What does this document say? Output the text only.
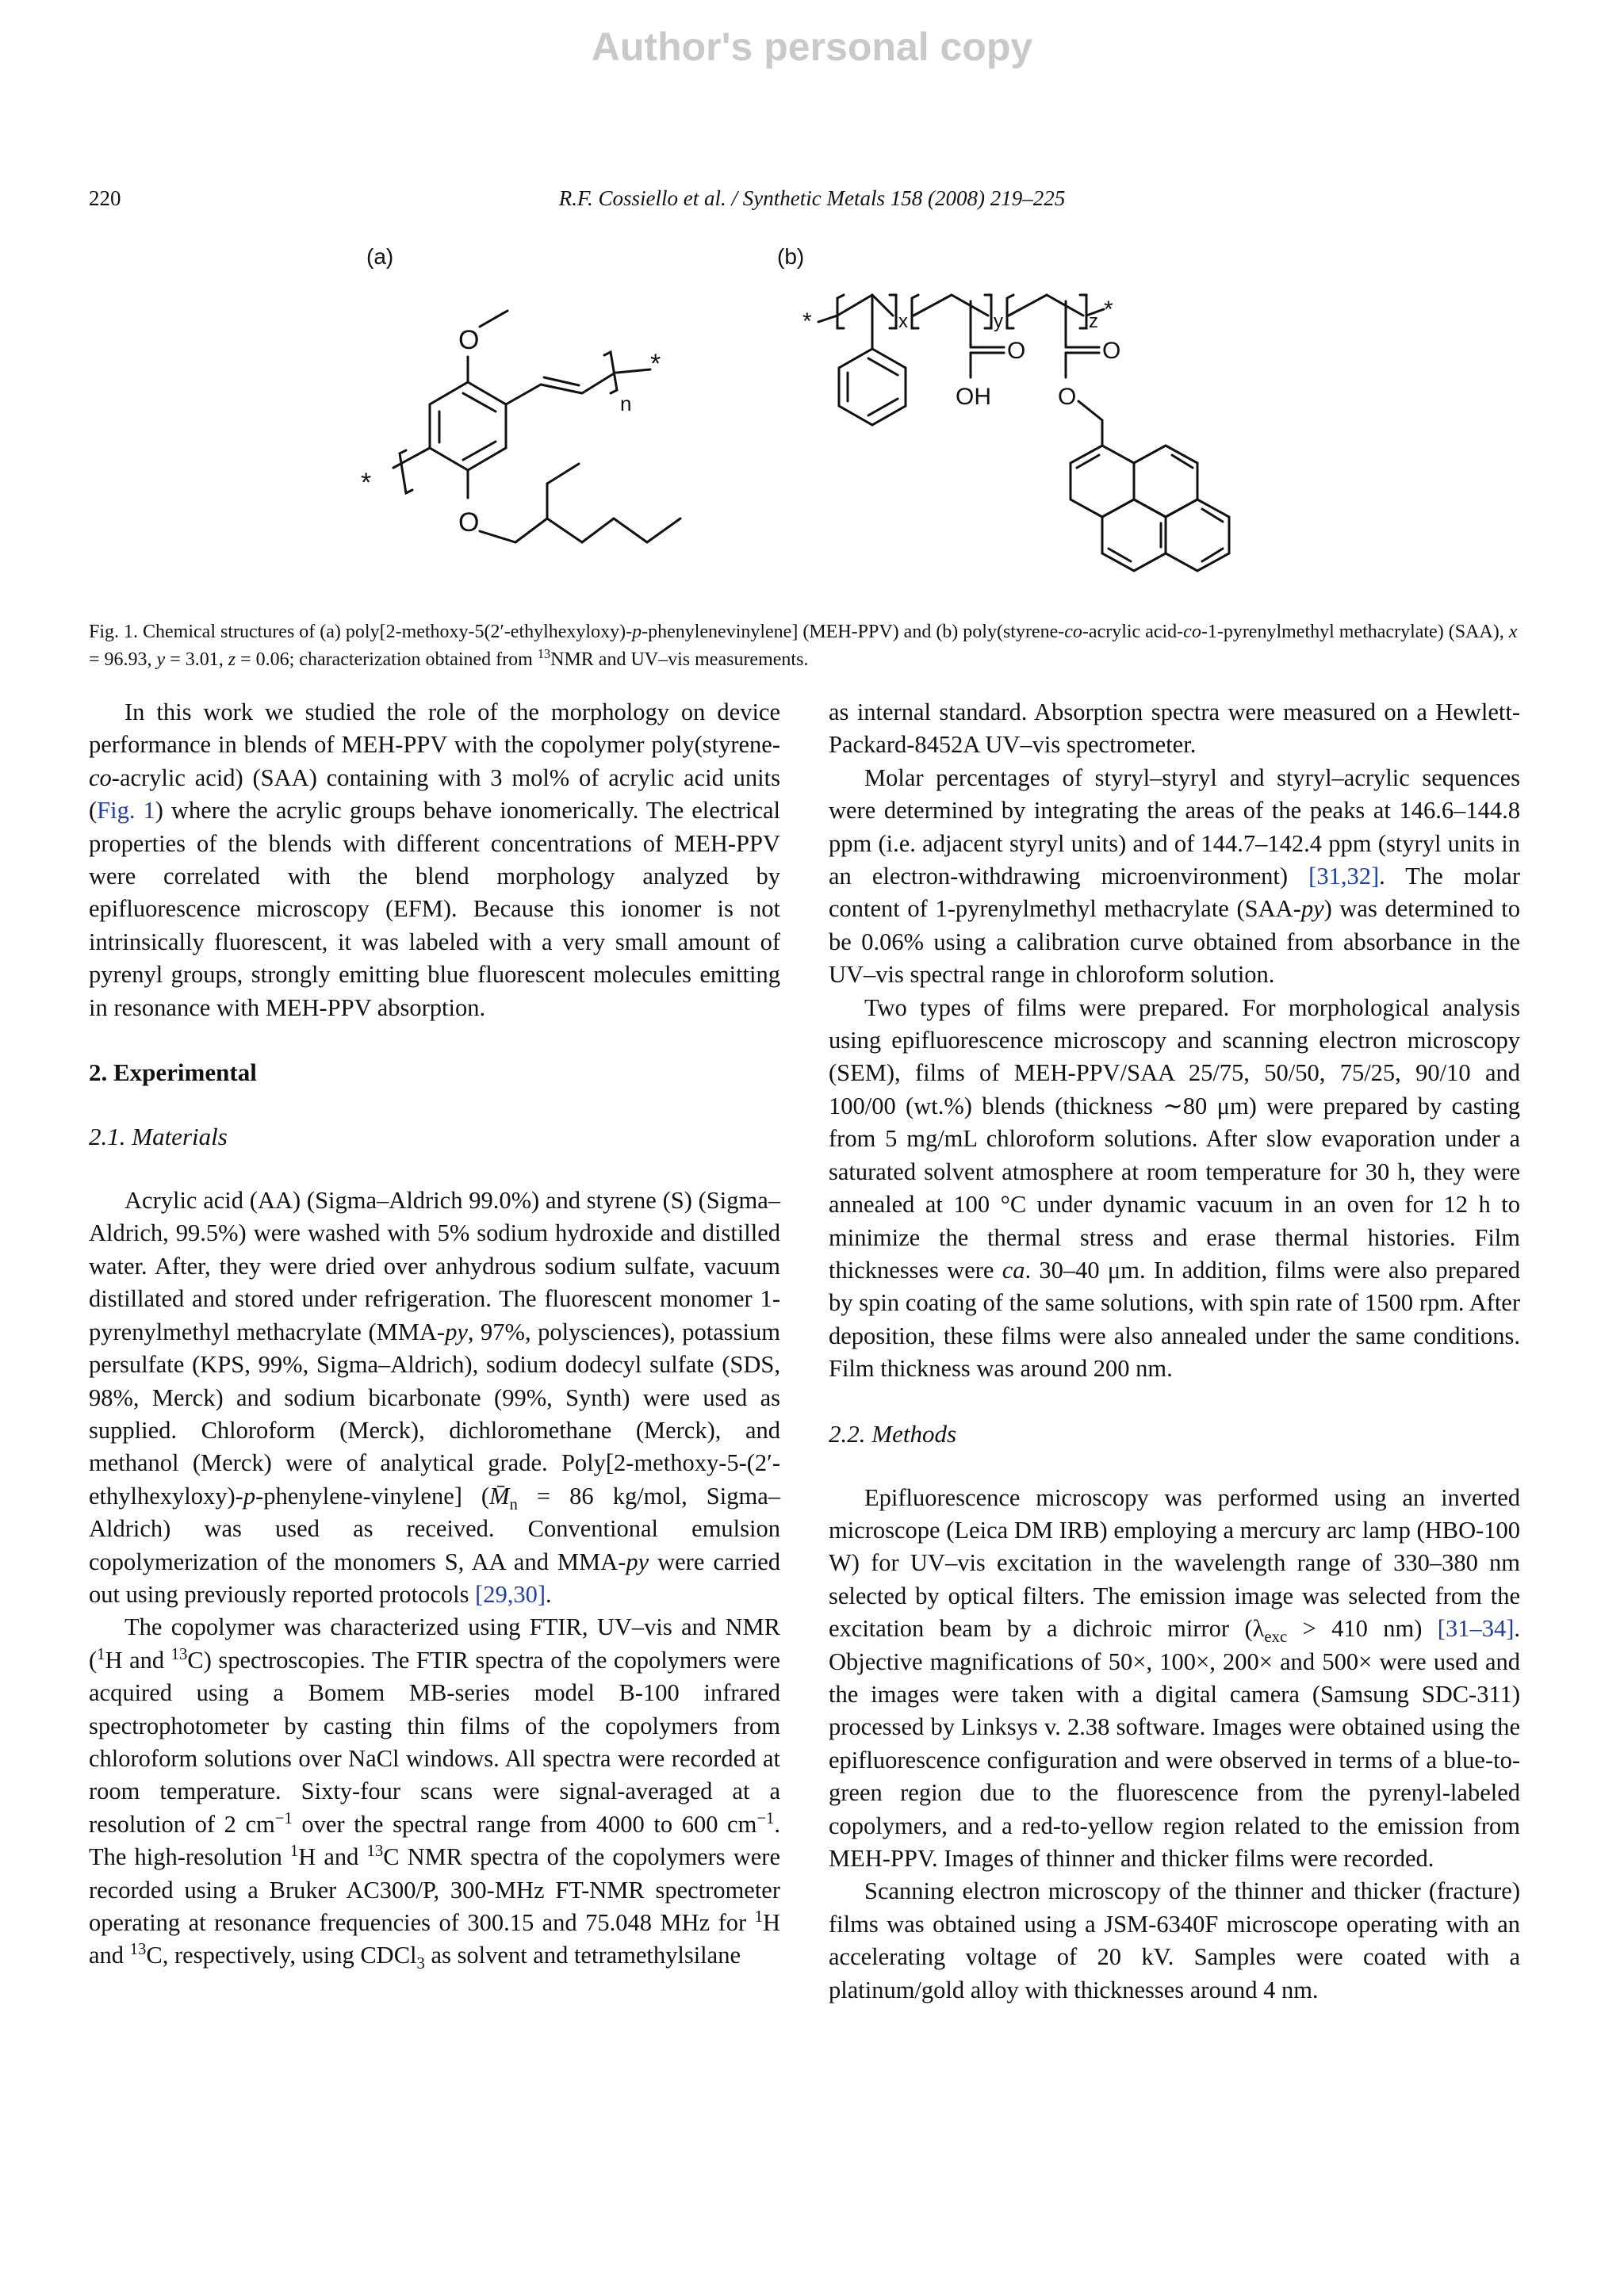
Author's personal copy
220	R.F. Cossiello et al. / Synthetic Metals 158 (2008) 219–225
(a)
O
O
n
*
*
(b)
*	x	y
O
OH
z *
O
O
Fig. 1. Chemical structures of (a) poly[2-methoxy-5(2′-ethylhexyloxy)-p-phenylenevinylene] (MEH-PPV) and (b) poly(styrene-co-acrylic acid-co-1-pyrenylmethyl methacrylate) (SAA), x = 96.93, y = 3.01, z = 0.06; characterization obtained from $^{13}$NMR and UV–vis measurements.

In this work we studied the role of the morphology on device performance in blends of MEH-PPV with the copolymer poly(styrene-co-acrylic acid) (SAA) containing with 3 mol% of acrylic acid units (Fig. 1) where the acrylic groups behave ionomerically. The electrical properties of the blends with different concentrations of MEH-PPV were correlated with the blend morphology analyzed by epifluorescence microscopy (EFM). Because this ionomer is not intrinsically fluorescent, it was labeled with a very small amount of pyrenyl groups, strongly emitting blue fluorescent molecules emitting in resonance with MEH-PPV absorption.

2. Experimental
2.1. Materials

Acrylic acid (AA) (Sigma–Aldrich 99.0%) and styrene (S) (Sigma–Aldrich, 99.5%) were washed with 5% sodium hydroxide and distilled water. After, they were dried over anhydrous sodium sulfate, vacuum distillated and stored under refrigeration. The fluorescent monomer 1-pyrenylmethyl methacrylate (MMA-py, 97%, polysciences), potassium persulfate (KPS, 99%, Sigma–Aldrich), sodium dodecyl sulfate (SDS, 98%, Merck) and sodium bicarbonate (99%, Synth) were used as supplied. Chloroform (Merck), dichloromethane (Merck), and methanol (Merck) were of analytical grade. Poly[2-methoxy-5-(2′-ethylhexyloxy)-p-phenylene-vinylene] ($M̄_n = 86$ kg/mol, Sigma–Aldrich) was used as received. Conventional emulsion copolymerization of the monomers S, AA and MMA-py were carried out using previously reported protocols [29,30].

The copolymer was characterized using FTIR, UV–vis and NMR ($^1$H and $^{13}$C) spectroscopies. The FTIR spectra of the copolymers were acquired using a Bomem MB-series model B-100 infrared spectrophotometer by casting thin films of the copolymers from chloroform solutions over NaCl windows. All spectra were recorded at room temperature. Sixty-four scans were signal-averaged at a resolution of 2 $cm^{-1}$ over the spectral range from 4000 to 600 $cm^{-1}$. The high-resolution $^1$H and $^{13}$C NMR spectra of the copolymers were recorded using a Bruker AC300/P, 300-MHz FT-NMR spectrometer operating at resonance frequencies of 300.15 and 75.048 MHz for $^1$H and $^{13}$C, respectively, using CDCl$_3$ as solvent and tetramethylsilane

as internal standard. Absorption spectra were measured on a Hewlett-Packard-8452A UV–vis spectrometer.

Molar percentages of styryl–styryl and styryl–acrylic sequences were determined by integrating the areas of the peaks at 146.6–144.8 ppm (i.e. adjacent styryl units) and of 144.7–142.4 ppm (styryl units in an electron-withdrawing microenvironment) [31,32]. The molar content of 1-pyrenylmethyl methacrylate (SAA-py) was determined to be 0.06% using a calibration curve obtained from absorbance in the UV–vis spectral range in chloroform solution.

Two types of films were prepared. For morphological analysis using epifluorescence microscopy and scanning electron microscopy (SEM), films of MEH-PPV/SAA 25/75, 50/50, 75/25, 90/10 and 100/00 (wt.%) blends (thickness ∼80 μm) were prepared by casting from 5 mg/mL chloroform solutions. After slow evaporation under a saturated solvent atmosphere at room temperature for 30 h, they were annealed at 100 °C under dynamic vacuum in an oven for 12 h to minimize the thermal stress and erase thermal histories. Film thicknesses were ca. 30–40 μm. In addition, films were also prepared by spin coating of the same solutions, with spin rate of 1500 rpm. After deposition, these films were also annealed under the same conditions. Film thickness was around 200 nm.

2.2. Methods

Epifluorescence microscopy was performed using an inverted microscope (Leica DM IRB) employing a mercury arc lamp (HBO-100 W) for UV–vis excitation in the wavelength range of 330–380 nm selected by optical filters. The emission image was selected from the excitation beam by a dichroic mirror ($\lambda_{exc} > 410$ nm) [31–34]. Objective magnifications of 50×, 100×, 200× and 500× were used and the images were taken with a digital camera (Samsung SDC-311) processed by Linksys v. 2.38 software. Images were obtained using the epifluorescence configuration and were observed in terms of a blue-to-green region due to the fluorescence from the pyrenyl-labeled copolymers, and a red-to-yellow region related to the emission from MEH-PPV. Images of thinner and thicker films were recorded.

Scanning electron microscopy of the thinner and thicker (fracture) films was obtained using a JSM-6340F microscope operating with an accelerating voltage of 20 kV. Samples were coated with a platinum/gold alloy with thicknesses around 4 nm.
